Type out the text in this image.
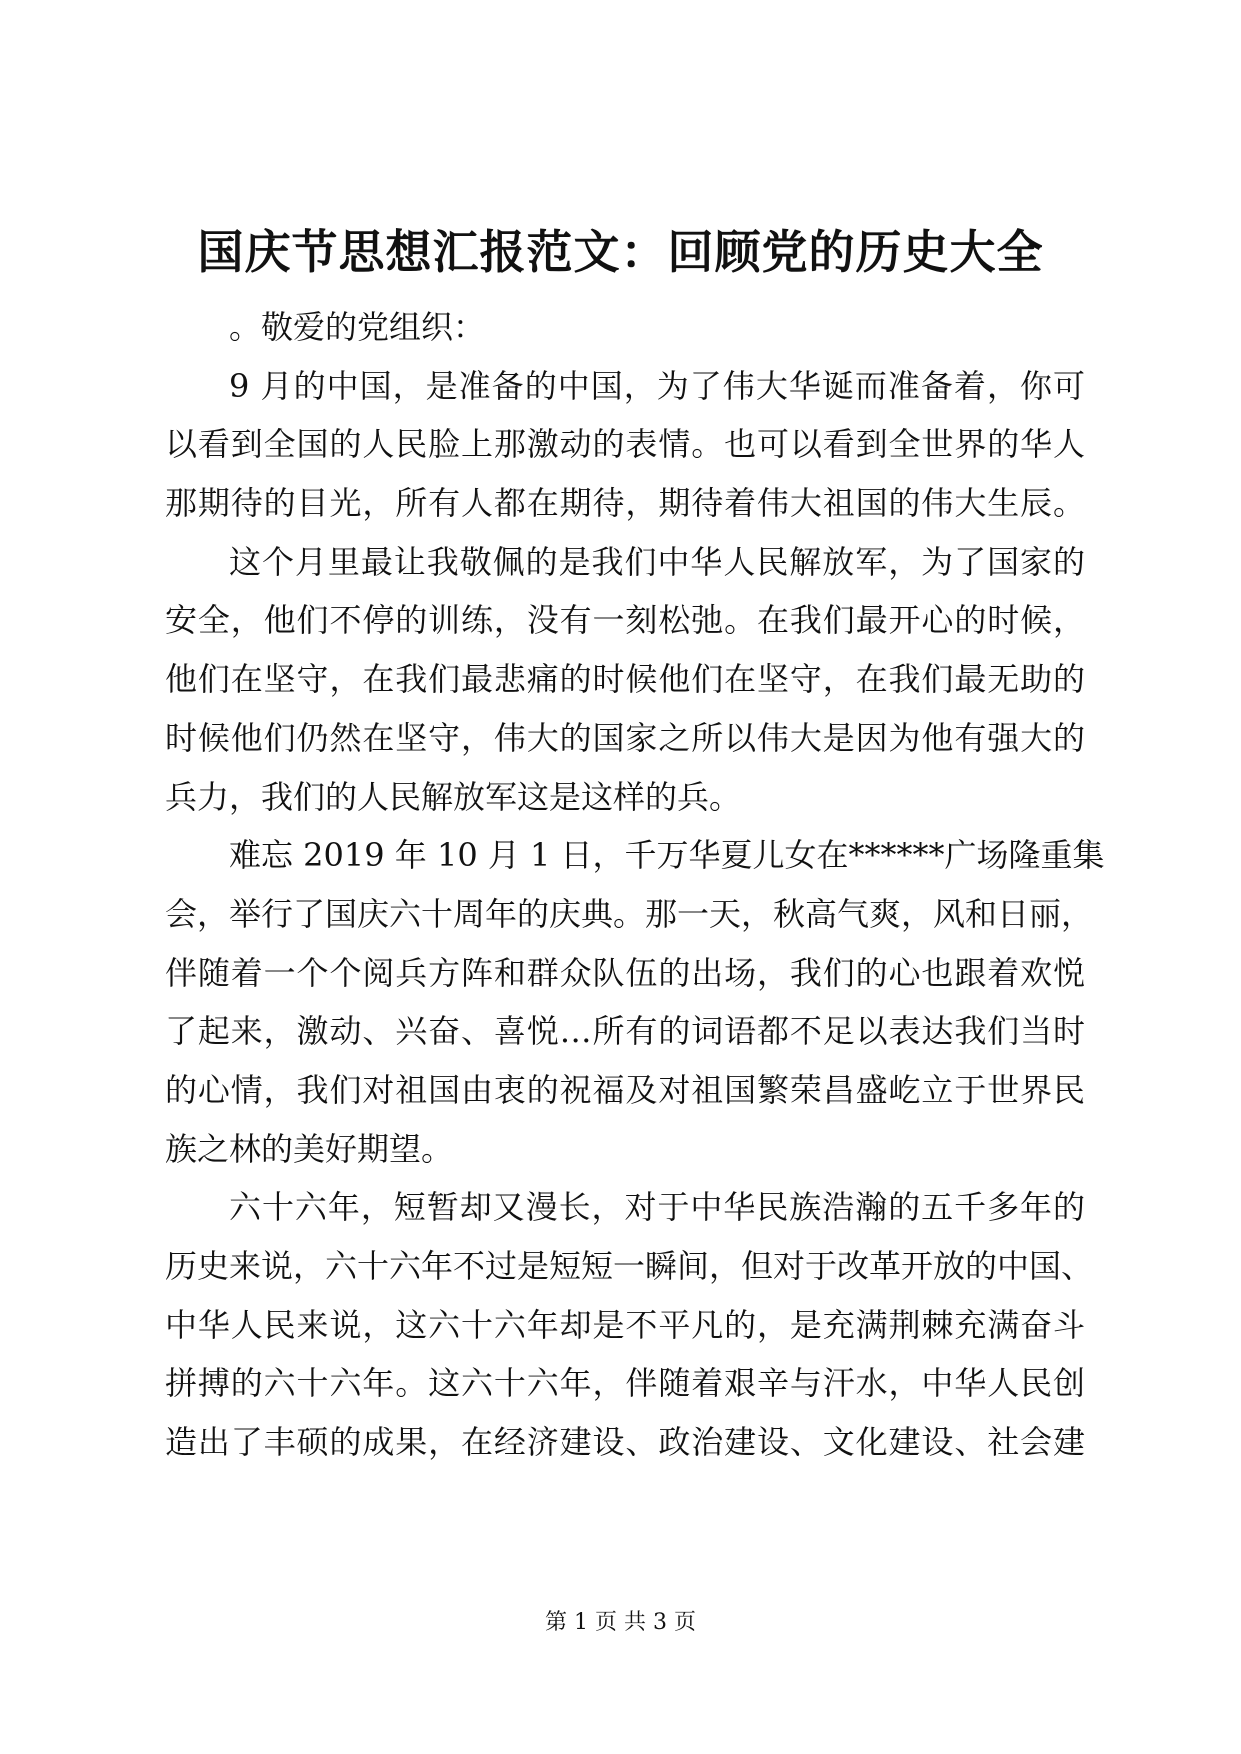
国庆节思想汇报范文：回顾党的历史大全
。敬爱的党组织：
9 月的中国，是准备的中国，为了伟大华诞而准备着，你可
以看到全国的人民脸上那激动的表情。也可以看到全世界的华人
那期待的目光，所有人都在期待，期待着伟大祖国的伟大生辰。
这个月里最让我敬佩的是我们中华人民解放军，为了国家的
安全，他们不停的训练，没有一刻松弛。在我们最开心的时候，
他们在坚守，在我们最悲痛的时候他们在坚守，在我们最无助的
时候他们仍然在坚守，伟大的国家之所以伟大是因为他有强大的
兵力，我们的人民解放军这是这样的兵。
难忘 2019 年 10 月 1 日，千万华夏儿女在******广场隆重集
会，举行了国庆六十周年的庆典。那一天，秋高气爽，风和日丽，
伴随着一个个阅兵方阵和群众队伍的出场，我们的心也跟着欢悦
了起来，激动、兴奋、喜悦…所有的词语都不足以表达我们当时
的心情，我们对祖国由衷的祝福及对祖国繁荣昌盛屹立于世界民
族之林的美好期望。
六十六年，短暂却又漫长，对于中华民族浩瀚的五千多年的
历史来说，六十六年不过是短短一瞬间，但对于改革开放的中国、
中华人民来说，这六十六年却是不平凡的，是充满荆棘充满奋斗
拼搏的六十六年。这六十六年，伴随着艰辛与汗水，中华人民创
造出了丰硕的成果，在经济建设、政治建设、文化建设、社会建
第 1 页 共 3 页
